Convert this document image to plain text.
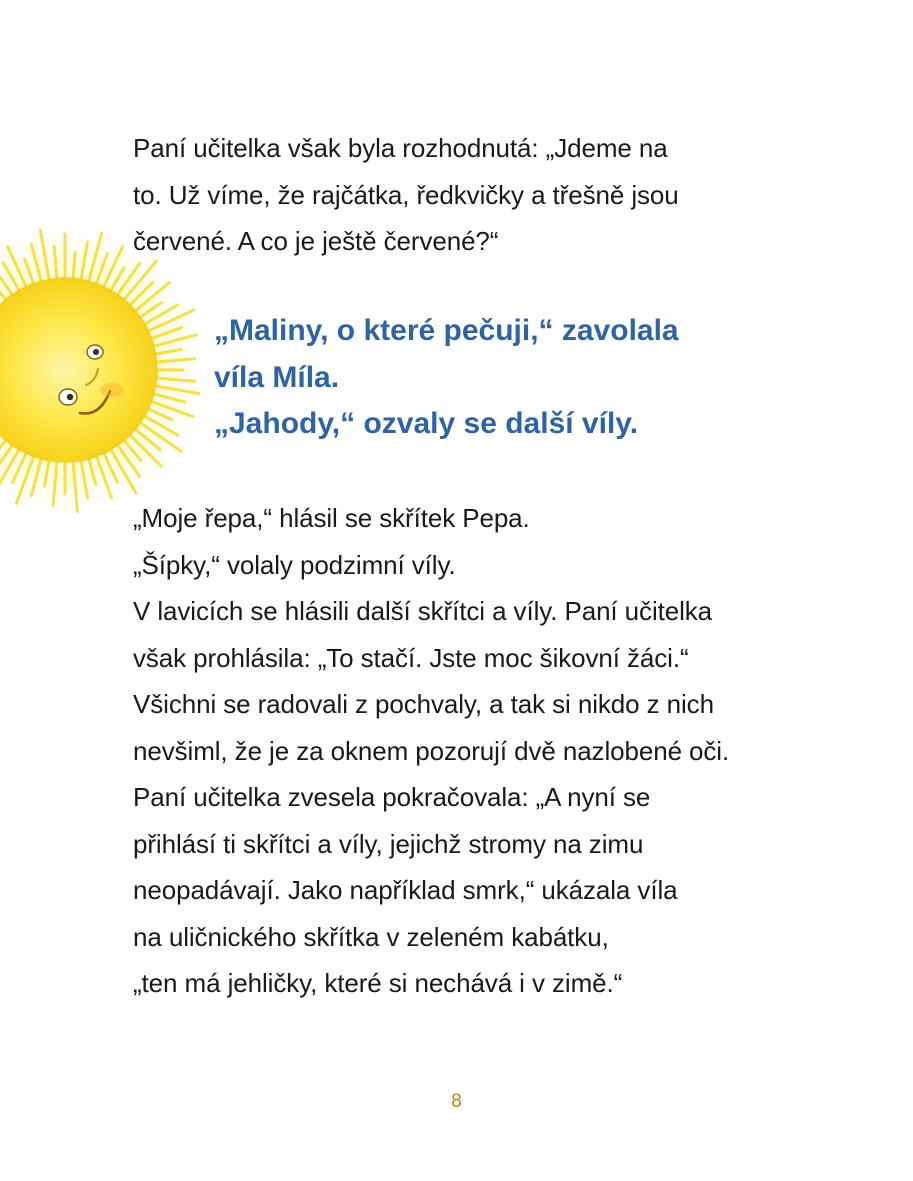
Paní učitelka však byla rozhodnutá: „Jdeme na
to. Už víme, že rajčátka, ředkvičky a třešně jsou
červené. A co je ještě červené?“
„Maliny, o které pečuji,“ zavolala
víla Míla.
„Jahody,“ ozvaly se další víly.
„Moje řepa,“ hlásil se skřítek Pepa.
„Šípky,“ volaly podzimní víly.
V lavicích se hlásili další skřítci a víly. Paní učitelka
však prohlásila: „To stačí. Jste moc šikovní žáci.“
Všichni se radovali z pochvaly, a tak si nikdo z nich
nevšiml, že je za oknem pozorují dvě nazlobené oči.
Paní učitelka zvesela pokračovala: „A nyní se
přihlásí ti skřítci a víly, jejichž stromy na zimu
neopadávají. Jako například smrk,“ ukázala víla
na uličnického skřítka v zeleném kabátku,
„ten má jehličky, které si nechává i v zimě.“
8
